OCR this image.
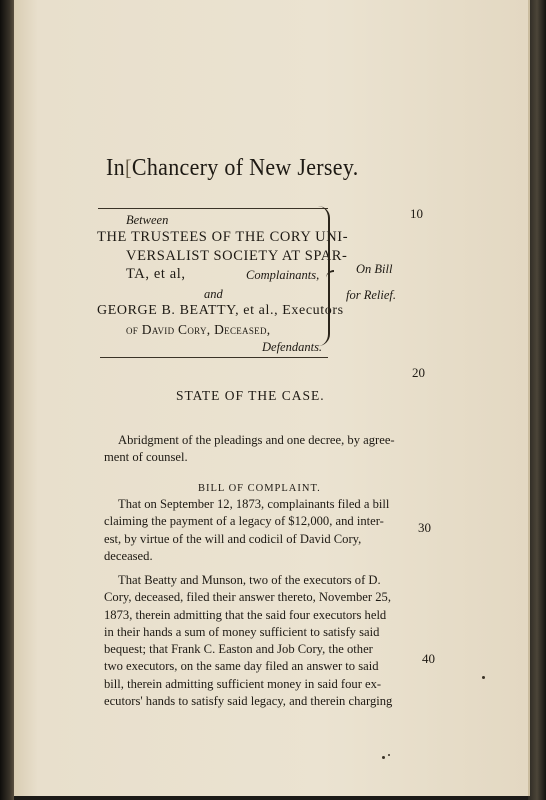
In[Chancery of New Jersey.
Between
THE TRUSTEES OF THE CORY UNI-
VERSALIST SOCIETY AT SPAR-
TA, et al,	Complainants,
and
GEORGE B. BEATTY, et al., Executors
of David Cory, Deceased,
Defendants.
On Bill
for Relief.
10
20
30
40
STATE OF THE CASE.
Abridgment of the pleadings and one decree, by agree-
ment of counsel.
BILL OF COMPLAINT.
That on September 12, 1873, complainants filed a bill
claiming the payment of a legacy of $12,000, and inter-
est, by virtue of the will and codicil of David Cory,
deceased.
That Beatty and Munson, two of the executors of D.
Cory, deceased, filed their answer thereto, November 25,
1873, therein admitting that the said four executors held
in their hands a sum of money sufficient to satisfy said
bequest; that Frank C. Easton and Job Cory, the other
two executors, on the same day filed an answer to said
bill, therein admitting sufficient money in said four ex-
ecutors' hands to satisfy said legacy, and therein charging
